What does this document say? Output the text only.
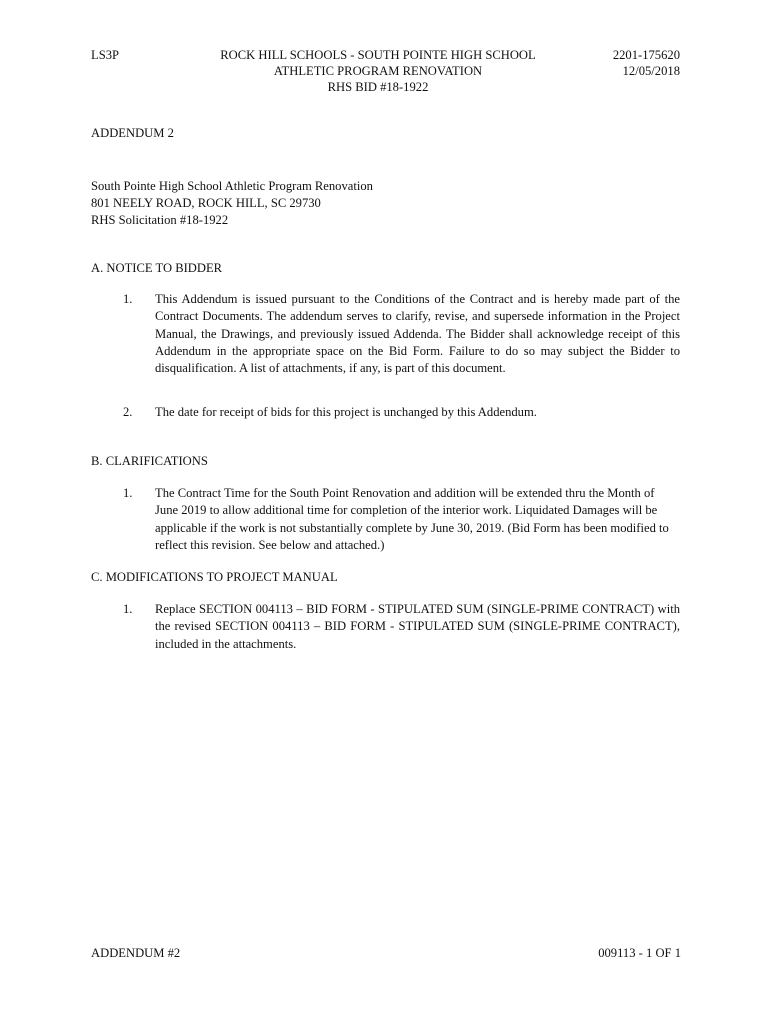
LS3P	ROCK HILL SCHOOLS - SOUTH POINTE HIGH SCHOOL
ATHLETIC PROGRAM RENOVATION
RHS BID #18-1922
2201-175620
12/05/2018
ADDENDUM 2
South Pointe High School Athletic Program Renovation
801 NEELY ROAD, ROCK HILL, SC 29730
RHS Solicitation #18-1922
A. NOTICE TO BIDDER
1. This Addendum is issued pursuant to the Conditions of the Contract and is hereby made part of the Contract Documents. The addendum serves to clarify, revise, and supersede information in the Project Manual, the Drawings, and previously issued Addenda. The Bidder shall acknowledge receipt of this Addendum in the appropriate space on the Bid Form. Failure to do so may subject the Bidder to disqualification. A list of attachments, if any, is part of this document.
2. The date for receipt of bids for this project is unchanged by this Addendum.
B. CLARIFICATIONS
1. The Contract Time for the South Point Renovation and addition will be extended thru the Month of June 2019 to allow additional time for completion of the interior work. Liquidated Damages will be applicable if the work is not substantially complete by June 30, 2019. (Bid Form has been modified to reflect this revision. See below and attached.)
C. MODIFICATIONS TO PROJECT MANUAL
1. Replace SECTION 004113 – BID FORM - STIPULATED SUM (SINGLE-PRIME CONTRACT) with the revised SECTION 004113 – BID FORM - STIPULATED SUM (SINGLE-PRIME CONTRACT), included in the attachments.
ADDENDUM #2	009113 - 1 OF 1
